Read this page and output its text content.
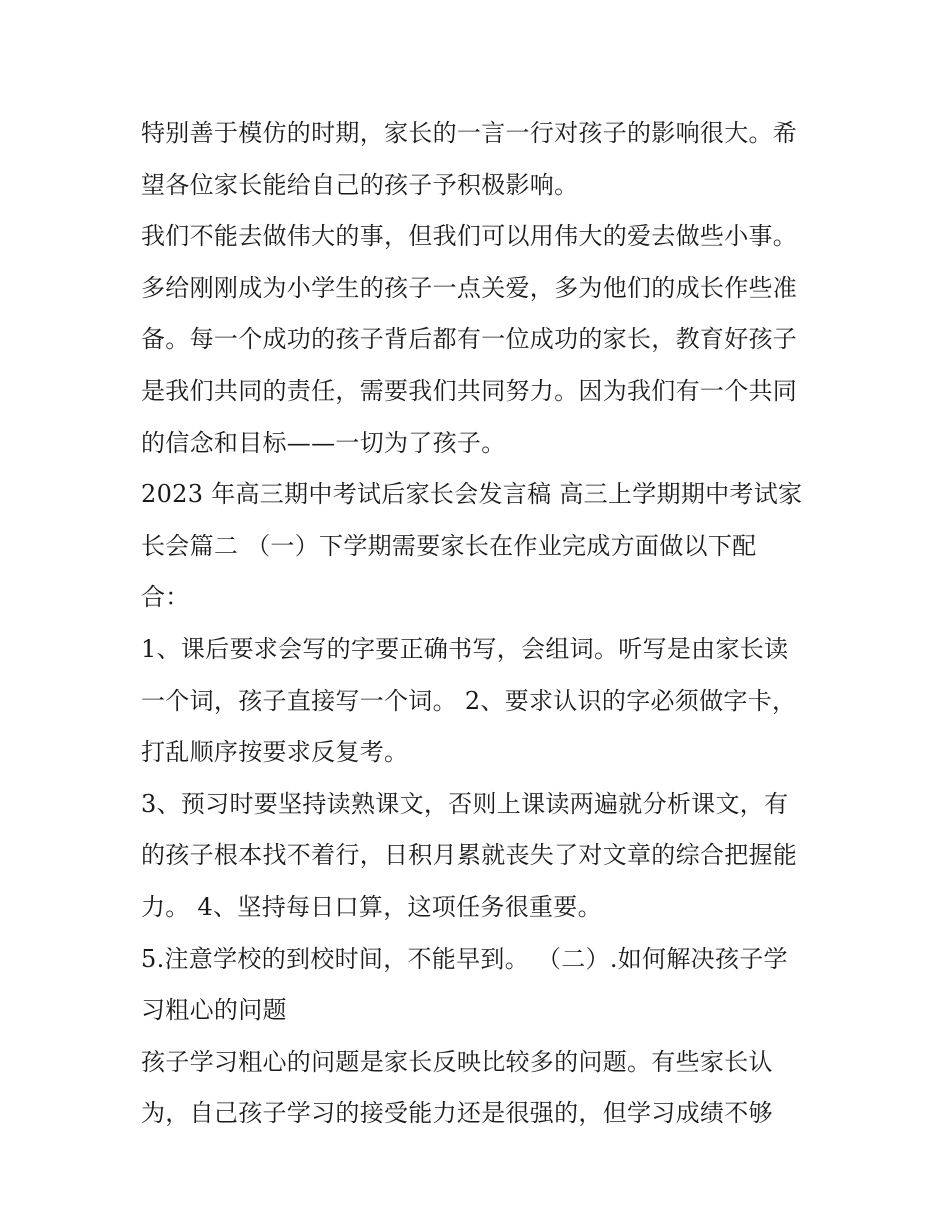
特别善于模仿的时期，家长的一言一行对孩子的影响很大。希
望各位家长能给自己的孩子予积极影响。
我们不能去做伟大的事，但我们可以用伟大的爱去做些小事。
多给刚刚成为小学生的孩子一点关爱，多为他们的成长作些准
备。每一个成功的孩子背后都有一位成功的家长，教育好孩子
是我们共同的责任，需要我们共同努力。因为我们有一个共同
的信念和目标——一切为了孩子。
2023 年高三期中考试后家长会发言稿 高三上学期期中考试家
长会篇二 （一）下学期需要家长在作业完成方面做以下配
合：
1、课后要求会写的字要正确书写，会组词。听写是由家长读
一个词，孩子直接写一个词。 2、要求认识的字必须做字卡，
打乱顺序按要求反复考。
3、预习时要坚持读熟课文，否则上课读两遍就分析课文，有
的孩子根本找不着行，日积月累就丧失了对文章的综合把握能
力。 4、坚持每日口算，这项任务很重要。
5.注意学校的到校时间，不能早到。 （二）.如何解决孩子学
习粗心的问题
孩子学习粗心的问题是家长反映比较多的问题。有些家长认
为，自己孩子学习的接受能力还是很强的，但学习成绩不够
